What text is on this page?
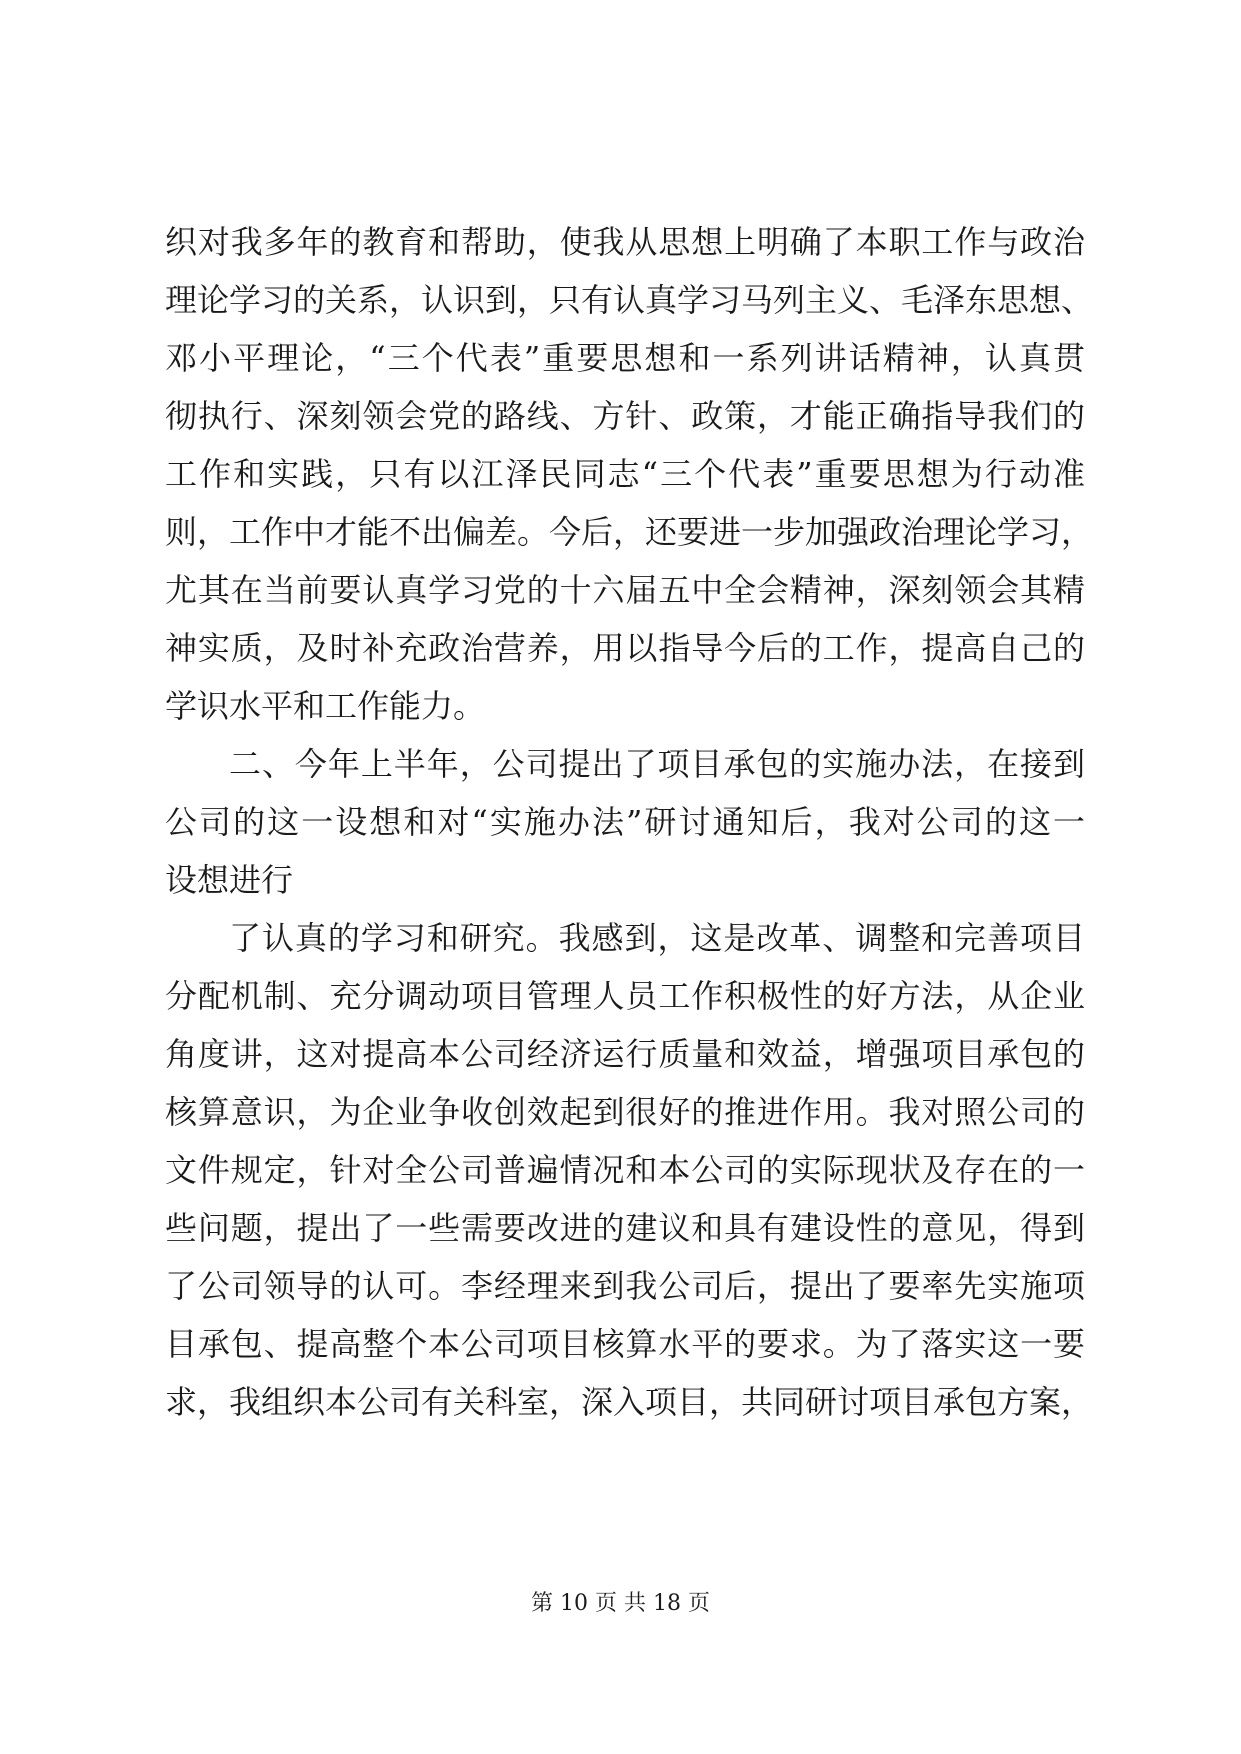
织对我多年的教育和帮助，使我从思想上明确了本职工作与政治
理论学习的关系，认识到，只有认真学习马列主义、毛泽东思想、
邓小平理论，“三个代表”重要思想和一系列讲话精神，认真贯
彻执行、深刻领会党的路线、方针、政策，才能正确指导我们的
工作和实践，只有以江泽民同志“三个代表”重要思想为行动准
则，工作中才能不出偏差。今后，还要进一步加强政治理论学习，
尤其在当前要认真学习党的十六届五中全会精神，深刻领会其精
神实质，及时补充政治营养，用以指导今后的工作，提高自己的
学识水平和工作能力。
二、今年上半年，公司提出了项目承包的实施办法，在接到
公司的这一设想和对“实施办法”研讨通知后，我对公司的这一
设想进行
了认真的学习和研究。我感到，这是改革、调整和完善项目
分配机制、充分调动项目管理人员工作积极性的好方法，从企业
角度讲，这对提高本公司经济运行质量和效益，增强项目承包的
核算意识，为企业争收创效起到很好的推进作用。我对照公司的
文件规定，针对全公司普遍情况和本公司的实际现状及存在的一
些问题，提出了一些需要改进的建议和具有建设性的意见，得到
了公司领导的认可。李经理来到我公司后，提出了要率先实施项
目承包、提高整个本公司项目核算水平的要求。为了落实这一要
求，我组织本公司有关科室，深入项目，共同研讨项目承包方案，
第 10 页 共 18 页
